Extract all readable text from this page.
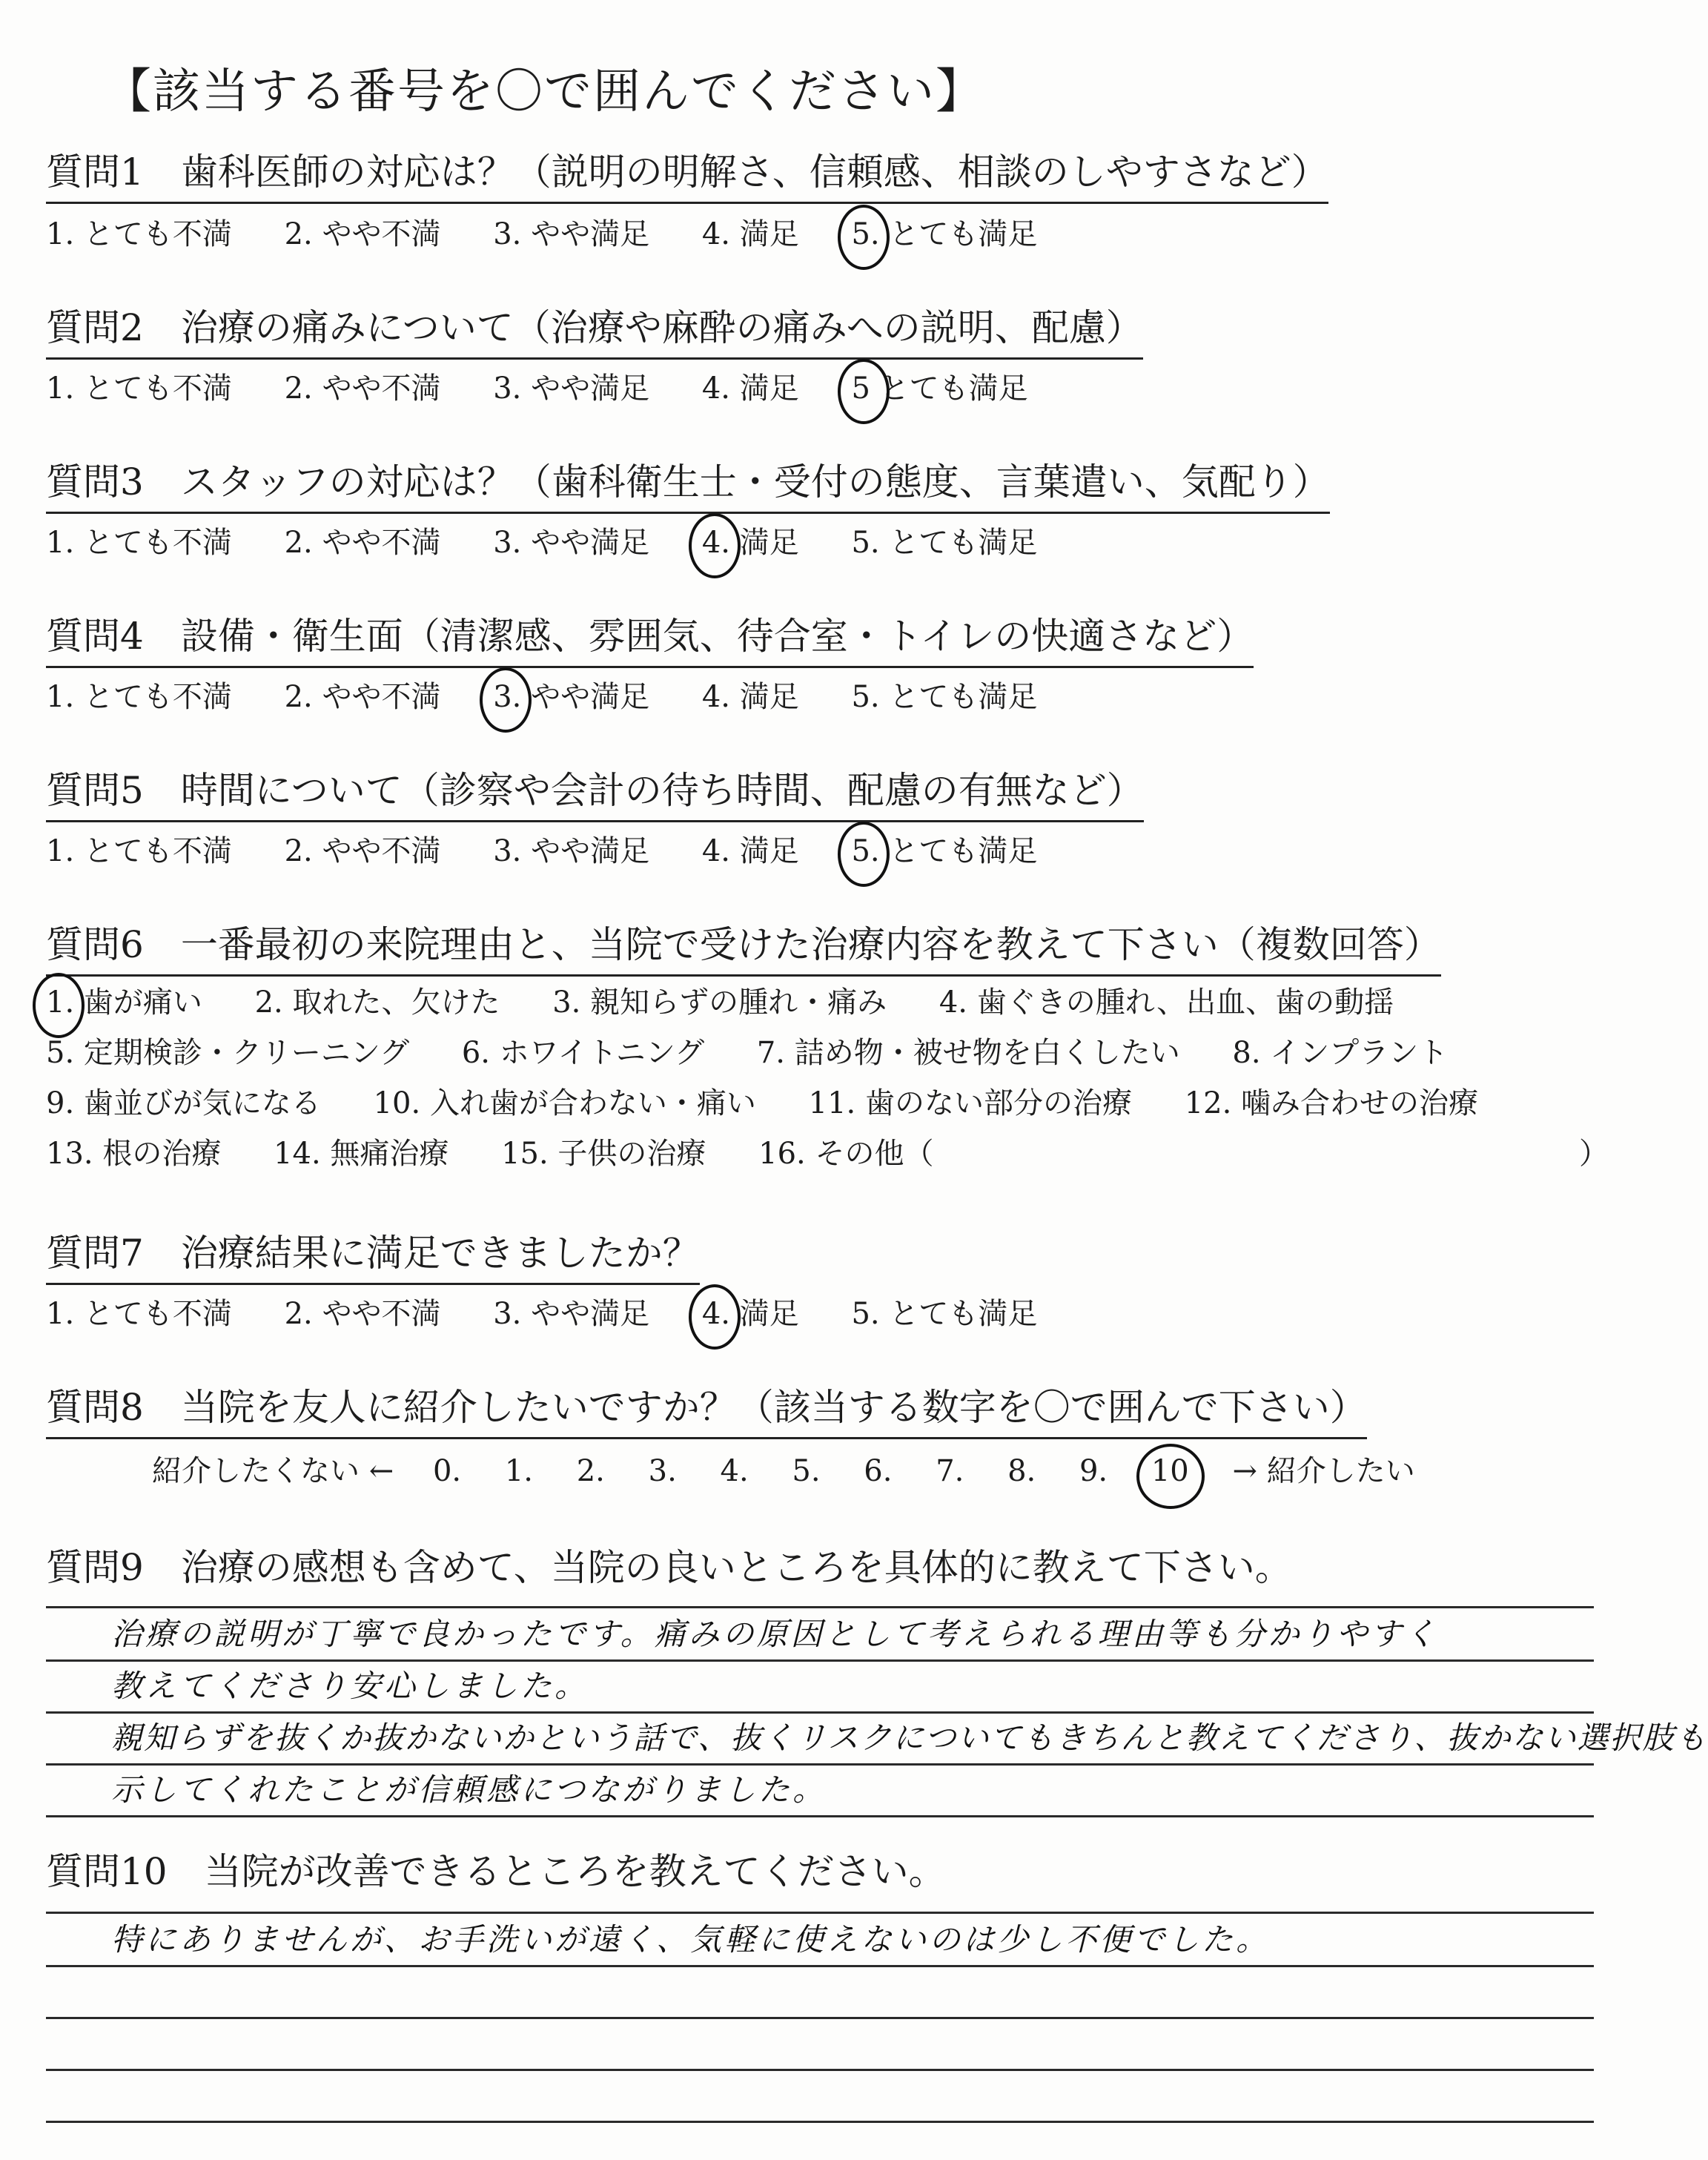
【該当する番号を〇で囲んでください】
質問1 歯科医師の対応は？（説明の明解さ、信頼感、相談のしやすさなど）
1. とても不満 2. やや不満 3. やや満足 4. 満足 5. とても満足
質問2 治療の痛みについて（治療や麻酔の痛みへの説明、配慮）
1. とても不満 2. やや不満 3. やや満足 4. 満足 5 とても満足
質問3 スタッフの対応は？（歯科衛生士・受付の態度、言葉遣い、気配り）
1. とても不満 2. やや不満 3. やや満足 4. 満足 5. とても満足
質問4 設備・衛生面（清潔感、雰囲気、待合室・トイレの快適さなど）
1. とても不満 2. やや不満 3. やや満足 4. 満足 5. とても満足
質問5 時間について（診察や会計の待ち時間、配慮の有無など）
1. とても不満 2. やや不満 3. やや満足 4. 満足 5. とても満足
質問6 一番最初の来院理由と、当院で受けた治療内容を教えて下さい（複数回答）
1. 歯が痛い 2. 取れた、欠けた 3. 親知らずの腫れ・痛み 4. 歯ぐきの腫れ、出血、歯の動揺
5. 定期検診・クリーニング 6. ホワイトニング 7. 詰め物・被せ物を白くしたい 8. インプラント
9. 歯並びが気になる 10. 入れ歯が合わない・痛い 11. 歯のない部分の治療 12. 噛み合わせの治療
13. 根の治療 14. 無痛治療 15. 子供の治療 16. その他（	）
質問7 治療結果に満足できましたか？
1. とても不満 2. やや不満 3. やや満足 4. 満足 5. とても満足
質問8 当院を友人に紹介したいですか？（該当する数字を〇で囲んで下さい）
紹介したくない ← 0. 1. 2. 3. 4. 5. 6. 7. 8. 9. 10 → 紹介したい
質問9 治療の感想も含めて、当院の良いところを具体的に教えて下さい。
治療の説明が丁寧で良かったです。痛みの原因として考えられる理由等も分かりやすく
教えてくださり安心しました。
親知らずを抜くか抜かないかという話で、抜くリスクについてもきちんと教えてくださり、抜かない選択肢も
示してくれたことが信頼感につながりました。
質問10 当院が改善できるところを教えてください。
特にありませんが、お手洗いが遠く、気軽に使えないのは少し不便でした。
